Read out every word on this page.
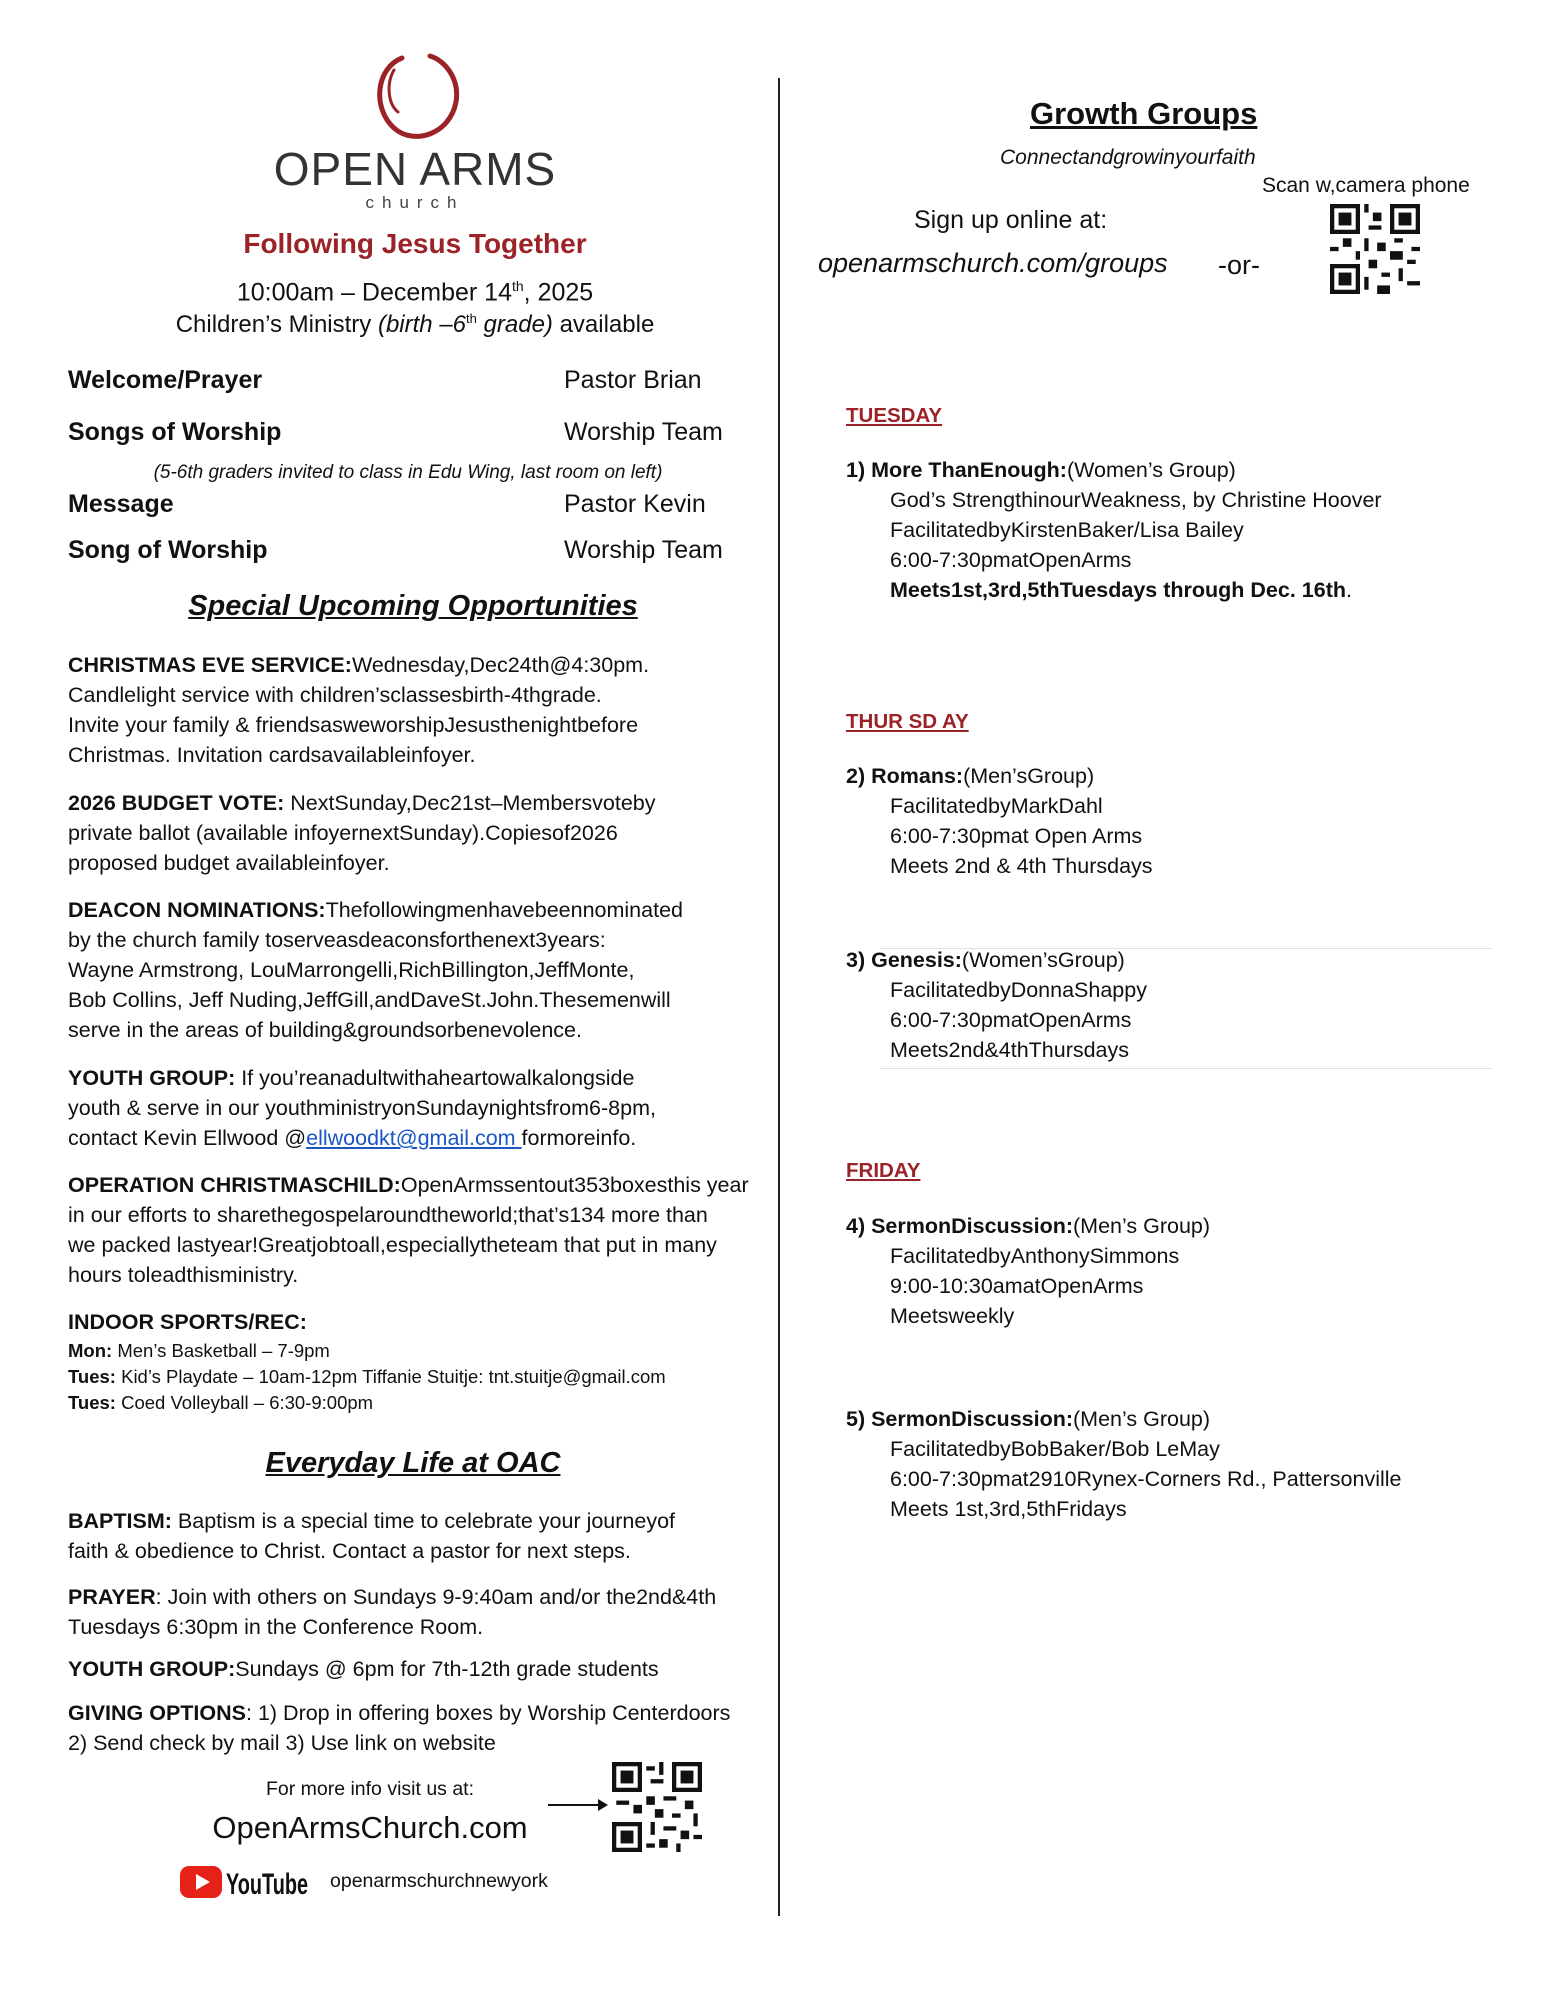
OPEN ARMS
church
Following Jesus Together
10:00am – December 14th, 2025
Children’s Ministry (birth –6th grade) available
Welcome/Prayer	Pastor Brian
Songs of Worship	Worship Team
(5-6th graders invited to class in Edu Wing, last room on left)
Message	Pastor Kevin
Song of Worship	Worship Team
Special Upcoming Opportunities
CHRISTMAS EVE SERVICE:Wednesday,Dec24th@4:30pm.
Candlelight service with children’sclassesbirth-4thgrade.
Invite your family & friendsasweworshipJesusthenightbefore
Christmas. Invitation cardsavailableinfoyer.
2026 BUDGET VOTE: NextSunday,Dec21st–Membersvoteby
private ballot (available infoyernextSunday).Copiesof2026
proposed budget availableinfoyer.
DEACON NOMINATIONS:Thefollowingmenhavebeennominated
by the church family toserveasdeaconsforthenext3years:
Wayne Armstrong, LouMarrongelli,RichBillington,JeffMonte,
Bob Collins, Jeff Nuding,JeffGill,andDaveSt.John.Thesemenwill
serve in the areas of building&groundsorbenevolence.
YOUTH GROUP: If you’reanadultwithaheartowalkalongside
youth & serve in our youthministryonSundaynightsfrom6-8pm,
contact Kevin Ellwood @ellwoodkt@gmail.com formoreinfo.
OPERATION CHRISTMASCHILD:OpenArmssentout353boxesthis year
in our efforts to sharethegospelaroundtheworld;that’s134 more than
we packed lastyear!Greatjobtoall,especiallytheteam that put in many
hours toleadthisministry.
INDOOR SPORTS/REC:
Mon: Men’s Basketball – 7-9pm
Tues: Kid’s Playdate – 10am-12pm Tiffanie Stuitje: tnt.stuitje@gmail.com
Tues: Coed Volleyball – 6:30-9:00pm
Everyday Life at OAC
BAPTISM: Baptism is a special time to celebrate your journeyof
faith & obedience to Christ. Contact a pastor for next steps.
PRAYER: Join with others on Sundays 9-9:40am and/or the2nd&4th
Tuesdays 6:30pm in the Conference Room.
YOUTH GROUP:Sundays @ 6pm for 7th-12th grade students
GIVING OPTIONS: 1) Drop in offering boxes by Worship Centerdoors
2) Send check by mail 3) Use link on website
For more info visit us at:
OpenArmsChurch.com
YouTube openarmschurchnewyork
Growth Groups
Connectandgrowinyourfaith
Scan w,camera phone
Sign up online at:
openarmschurch.com/groups -or-
TUESDAY
1) More ThanEnough:(Women’s Group)

God’s StrengthinourWeakness, by Christine Hoover
FacilitatedbyKirstenBaker/Lisa Bailey
6:00-7:30pmatOpenArms
Meets1st,3rd,5thTuesdays through Dec. 16th.
THUR SD AY
2) Romans:(Men’sGroup)

FacilitatedbyMarkDahl
6:00-7:30pmat Open Arms
Meets 2nd & 4th Thursdays
3) Genesis:(Women’sGroup)

FacilitatedbyDonnaShappy
6:00-7:30pmatOpenArms
Meets2nd&4thThursdays
FRIDAY
4) SermonDiscussion:(Men’s Group)

FacilitatedbyAnthonySimmons
9:00-10:30amatOpenArms
Meetsweekly
5) SermonDiscussion:(Men’s Group)

FacilitatedbyBobBaker/Bob LeMay
6:00-7:30pmat2910Rynex-Corners Rd., Pattersonville
Meets 1st,3rd,5thFridays
